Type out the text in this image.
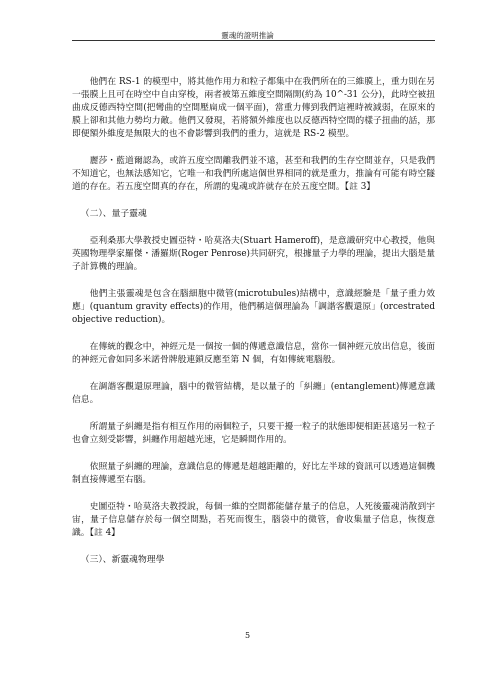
靈魂的證明推論

他們在 RS-1 的模型中，將其他作用力和粒子都集中在我們所在的三維膜上，重力則在另一張膜上且可在時空中自由穿梭，兩者被第五維度空間隔開(約為 10^-31 公分)，此時空被扭曲成反德西特空間(把彎曲的空間壓扁成一個平面)，當重力傳到我們這裡時被減弱，在原來的膜上卻和其他力勢均力敵。他們又發現，若將額外維度也以反德西特空間的樣子扭曲的話，那即便額外維度是無限大的也不會影響到我們的重力，這就是 RS-2 模型。

麗莎・藍道爾認為，或許五度空間離我們並不遠，甚至和我們的生存空間並存，只是我們不知道它，也無法感知它，它唯一和我們所處這個世界相同的就是重力，推論有可能有時空隧道的存在。若五度空間真的存在，所謂的鬼魂或許就存在於五度空間。【註 3】

（二）、量子靈魂

亞利桑那大學教授史圖亞特・哈莫洛夫(Stuart Hameroff)，是意識研究中心教授，他與英國物理學家羅傑・潘羅斯(Roger Penrose)共同研究，根據量子力學的理論，提出大腦是量子計算機的理論。

他們主張靈魂是包含在腦細胞中微管(microtubules)結構中，意識經驗是「量子重力效應」(quantum gravity effects)的作用，他們稱這個理論為「調諧客觀還原」(orcestrated objective reduction)。

在傳統的觀念中，神經元是一個按一個的傳遞意識信息，當你一個神經元放出信息，後面的神經元會如同多米諾骨牌般連鎖反應至第 N 個，有如傳統電腦般。

在調諧客觀還原理論，腦中的微管結構，是以量子的「糾纏」(entanglement)傳遞意識信息。

所謂量子糾纏是指有相互作用的兩個粒子，只要干擾一粒子的狀態即便相距甚遠另一粒子也會立刻受影響，糾纏作用超越光速，它是瞬間作用的。

依照量子糾纏的理論，意識信息的傳遞是超越距離的，好比左半球的資訊可以透過這個機制直接傳遞至右腦。

史圖亞特・哈莫洛夫教授說，每個一維的空間都能儲存量子的信息，人死後靈魂消散到宇宙，量子信息儲存於每一個空間點，若死而復生，腦袋中的微管，會收集量子信息，恢復意識。【註 4】

（三）、新靈魂物理學

5
